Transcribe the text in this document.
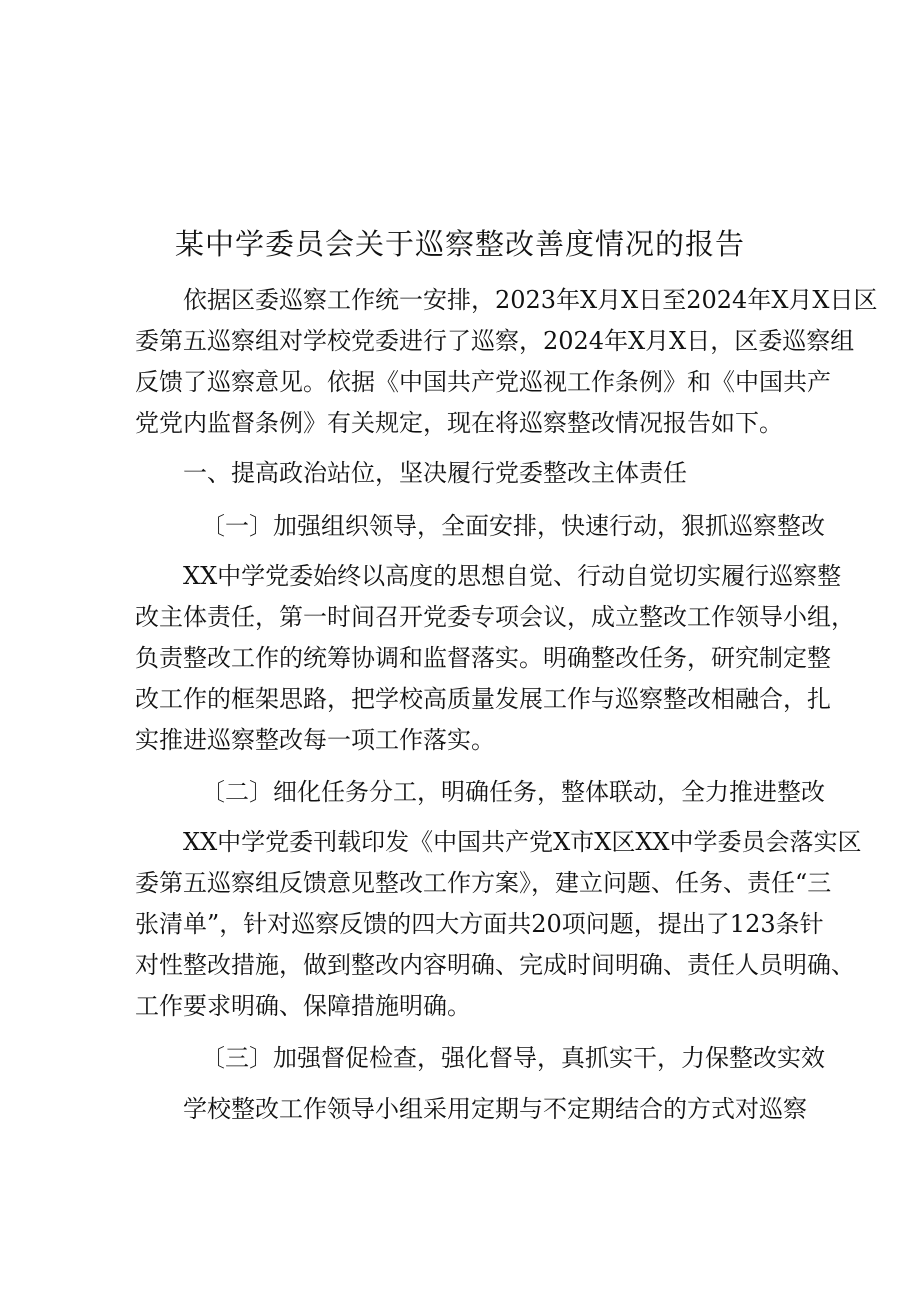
某中学委员会关于巡察整改善度情况的报告
依据区委巡察工作统一安排，2023年X月X日至2024年X月X日区
委第五巡察组对学校党委进行了巡察，2024年X月X日，区委巡察组
反馈了巡察意见。依据《中国共产党巡视工作条例》和《中国共产
党党内监督条例》有关规定，现在将巡察整改情况报告如下。
一、提高政治站位，坚决履行党委整改主体责任
〔一〕加强组织领导，全面安排，快速行动，狠抓巡察整改
XX中学党委始终以高度的思想自觉、行动自觉切实履行巡察整
改主体责任，第一时间召开党委专项会议，成立整改工作领导小组，
负责整改工作的统筹协调和监督落实。明确整改任务，研究制定整
改工作的框架思路，把学校高质量发展工作与巡察整改相融合，扎
实推进巡察整改每一项工作落实。
〔二〕细化任务分工，明确任务，整体联动，全力推进整改
XX中学党委刊载印发《中国共产党X市X区XX中学委员会落实区
委第五巡察组反馈意见整改工作方案》，建立问题、任务、责任“三
张清单”，针对巡察反馈的四大方面共20项问题，提出了123条针
对性整改措施，做到整改内容明确、完成时间明确、责任人员明确、
工作要求明确、保障措施明确。
〔三〕加强督促检查，强化督导，真抓实干，力保整改实效
学校整改工作领导小组采用定期与不定期结合的方式对巡察
